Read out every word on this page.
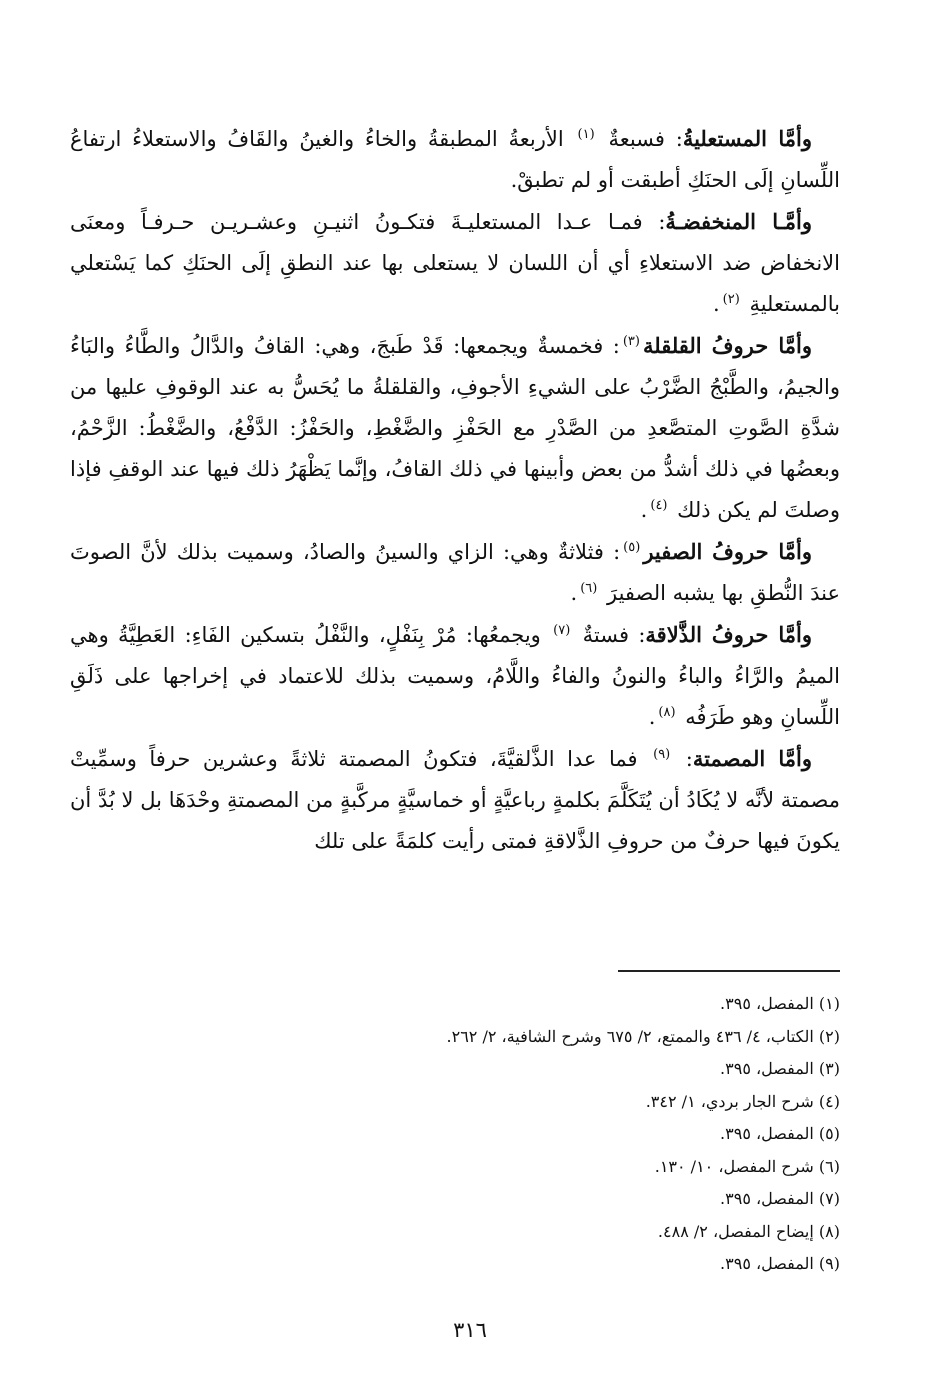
وأمَّا المستعليةُ: فسبعةٌ $^{(١)}$ الأربعةُ المطبقةُ والخاءُ والغينُ والقَافُ والاستعلاءُ ارتفاعُ اللِّسانِ إلَى الحنَكِ أطبقت أو لم تطبقْ.

وأمَّـا المنخفضـةُ: فمـا عـدا المستعليـةَ فتكـونُ اثنيـنِ وعشـريـن حـرفـاً ومعنَى الانخفاض ضد الاستعلاءِ أي أن اللسان لا يستعلى بها عند النطقِ إلَى الحنَكِ كما يَسْتعلي بالمستعليةِ $^{(٢)}$.

وأمَّا حروفُ القلقلة$^{(٣)}$: فخمسةٌ ويجمعها: قَدْ طَبجَ، وهي: القافُ والدَّالُ والطَّاءُ والبَاءُ والجيمُ، والطَّبْجُ الضَّرْبُ على الشيءِ الأجوفِ، والقلقلةُ ما يُحَسُّ به عند الوقوفِ عليها من شدَّةِ الصَّوتِ المتصَّعدِ من الصَّدْرِ مع الحَفْزِ والضَّغْطِ، والحَفْزُ: الدَّفْعُ، والضَّغْطُ: الزَّحْمُ، وبعضُها في ذلك أشدُّ من بعض وأبينها في ذلك القافُ، وإنَّما يَظْهَرُ ذلك فيها عند الوقفِ فإذا وصلتَ لم يكن ذلك $^{(٤)}$.

وأمَّا حروفُ الصفير$^{(٥)}$: فثلاثةٌ وهي: الزاي والسينُ والصادُ، وسميت بذلك لأنَّ الصوتَ عندَ النُّطقِ بها يشبه الصفيرَ $^{(٦)}$.

وأمَّا حروفُ الذَّلاقة: فستةٌ $^{(٧)}$ ويجمعُها: مُرْ بِنَفْلٍ، والنَّفْلُ بتسكين الفَاءِ: العَطِيَّةُ وهي الميمُ والرَّاءُ والباءُ والنونُ والفاءُ واللَّامُ، وسميت بذلك للاعتماد في إخراجها على ذَلَقِ اللِّسانِ وهو طَرَفُه $^{(٨)}$.

وأمَّا المصمتة: $^{(٩)}$ فما عدا الذَّلقيَّةَ، فتكونُ المصمتة ثلاثةً وعشرين حرفاً وسمِّيتْ مصمتة لأنَّه لا يُكَادُ أن يُتَكَلَّمَ بكلمةٍ رباعيَّةٍ أو خماسيَّةٍ مركَّبةٍ من المصمتةِ وحْدَهَا بل لا بُدَّ أن يكونَ فيها حرفٌ من حروفِ الذَّلاقةِ فمتى رأيت كلمَةً على تلك

(١) المفصل، ٣٩٥.
(٢) الكتاب، ٤/ ٤٣٦ والممتع، ٢/ ٦٧٥ وشرح الشافية، ٢/ ٢٦٢.
(٣) المفصل، ٣٩٥.
(٤) شرح الجار بردي، ١/ ٣٤٢.
(٥) المفصل، ٣٩٥.
(٦) شرح المفصل، ١٠/ ١٣٠.
(٧) المفصل، ٣٩٥.
(٨) إيضاح المفصل، ٢/ ٤٨٨.
(٩) المفصل، ٣٩٥.
٣١٦
